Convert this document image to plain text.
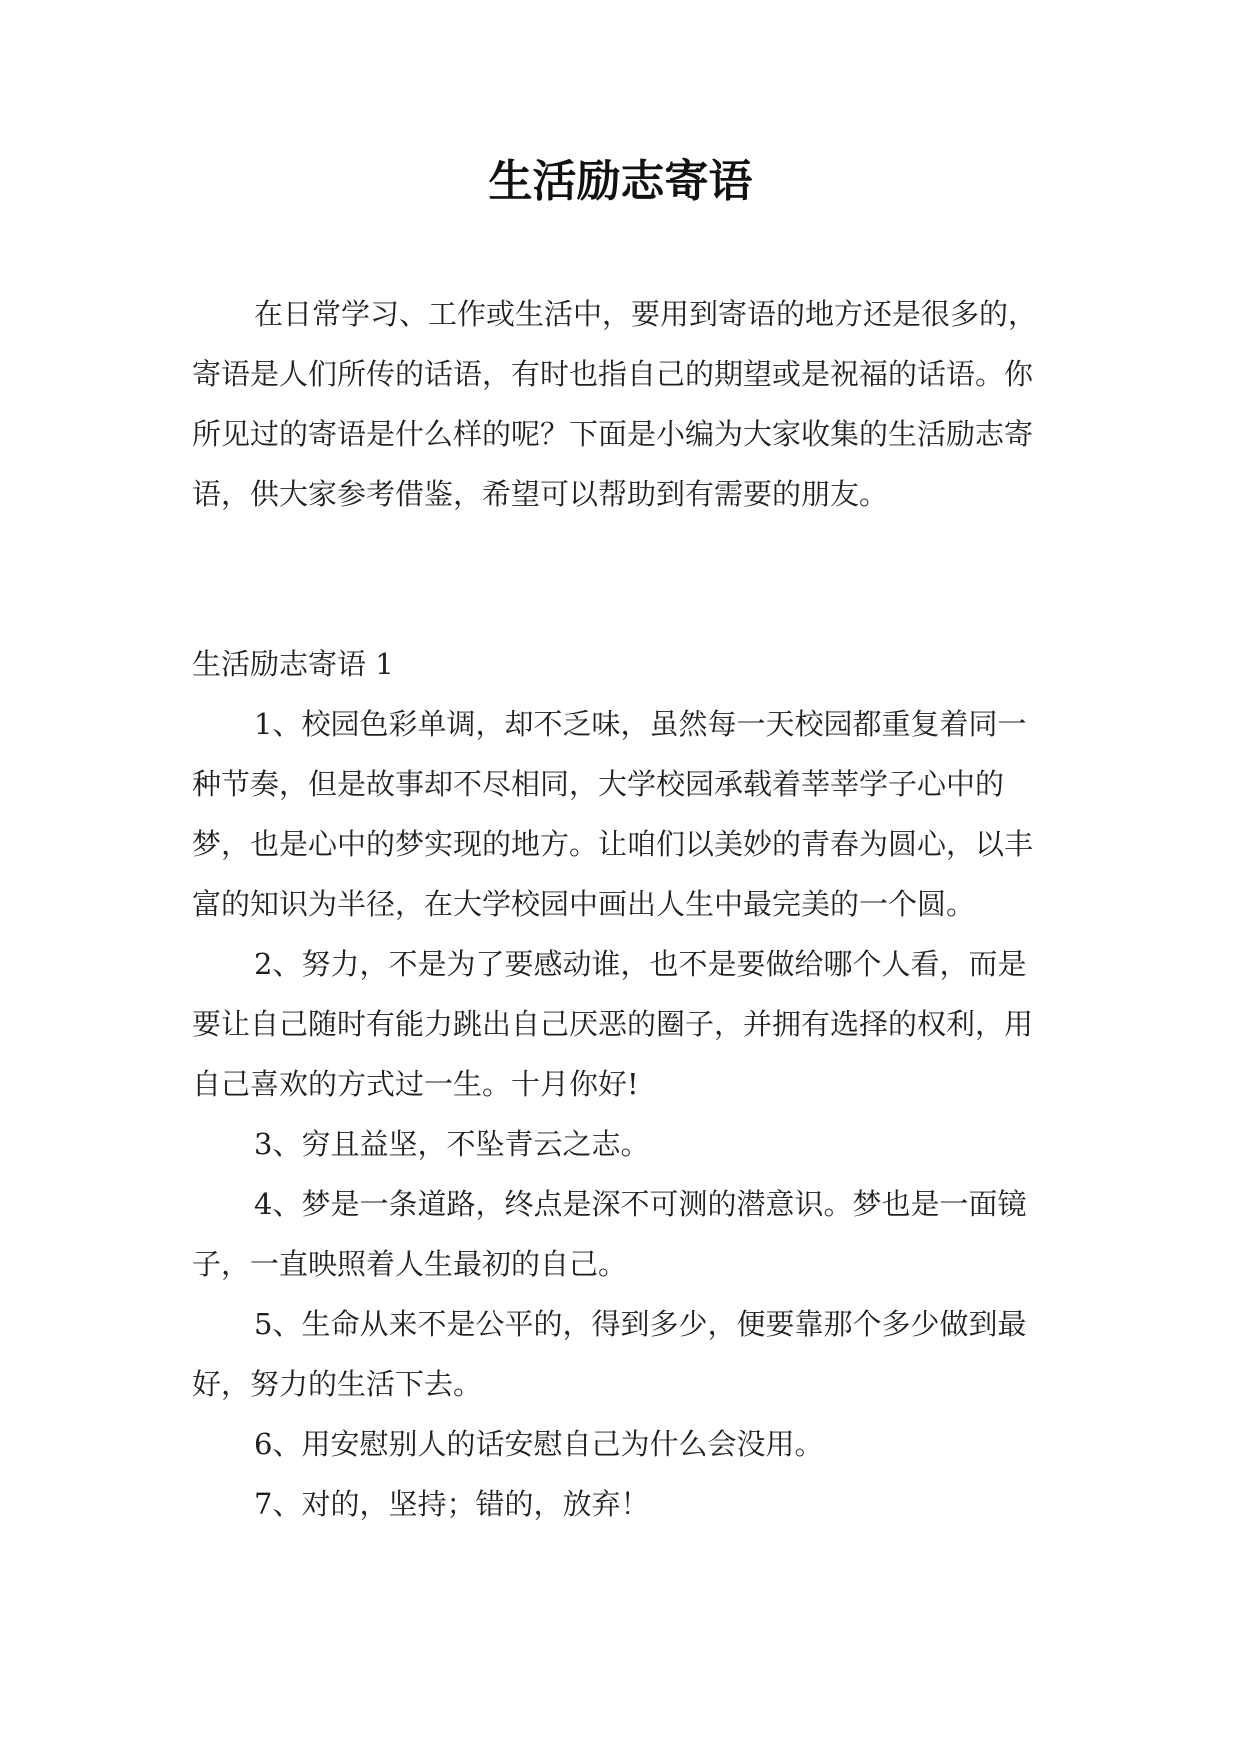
生活励志寄语

在日常学习、工作或生活中，要用到寄语的地方还是很多的，寄语是人们所传的话语，有时也指自己的期望或是祝福的话语。你所见过的寄语是什么样的呢？下面是小编为大家收集的生活励志寄语，供大家参考借鉴，希望可以帮助到有需要的朋友。

生活励志寄语 1

1、校园色彩单调，却不乏味，虽然每一天校园都重复着同一种节奏，但是故事却不尽相同，大学校园承载着莘莘学子心中的梦，也是心中的梦实现的地方。让咱们以美妙的青春为圆心，以丰富的知识为半径，在大学校园中画出人生中最完美的一个圆。

2、努力，不是为了要感动谁，也不是要做给哪个人看，而是要让自己随时有能力跳出自己厌恶的圈子，并拥有选择的权利，用自己喜欢的方式过一生。十月你好!

3、穷且益坚，不坠青云之志。

4、梦是一条道路，终点是深不可测的潜意识。梦也是一面镜子，一直映照着人生最初的自己。

5、生命从来不是公平的，得到多少，便要靠那个多少做到最好，努力的生活下去。

6、用安慰别人的话安慰自己为什么会没用。

7、对的，坚持；错的，放弃！
